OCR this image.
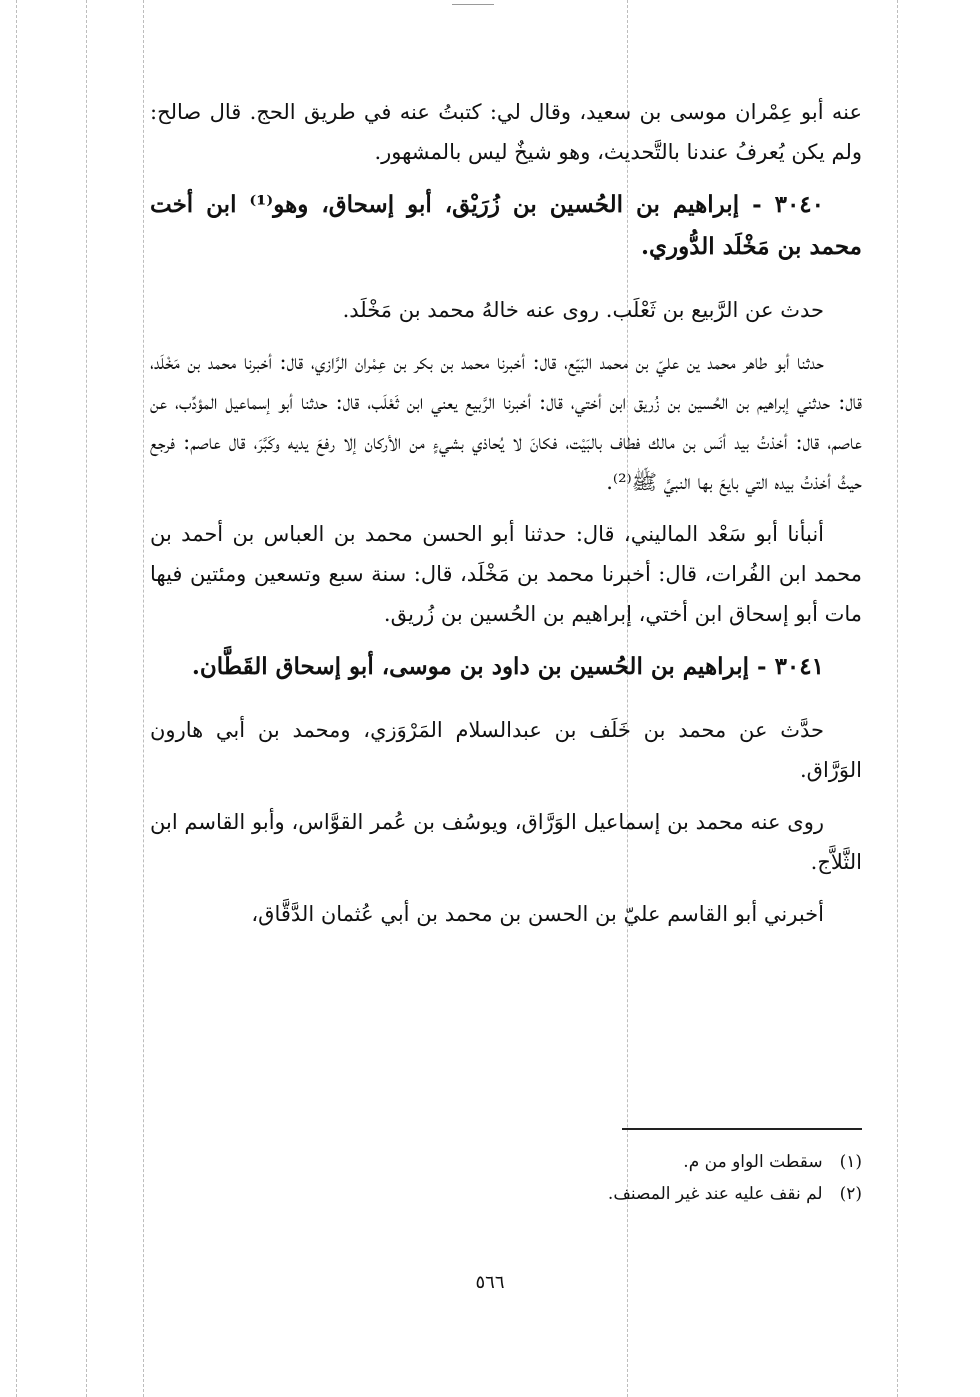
عنه أبو عِمْران موسى بن سعيد، وقال لي: كتبتُ عنه في طريق الحج. قال صالح: ولم يكن يُعرفُ عندنا بالتَّحديث، وهو شيخٌ ليس بالمشهور.

٣٠٤٠ - إبراهيم بن الحُسين بن زُرَيْق، أبو إسحاق، وهو⁽¹⁾ ابن أخت محمد بن مَخْلَد الدُّوري.

حدث عن الرَّبيع بن ثَعْلَب. روى عنه خالهُ محمد بن مَخْلَد.

حدثنا أبو طاهر محمد ين عليّ بن محمد البَيّع، قال: أخبرنا محمد بن بكر بن عِمْران الرَّازي، قال: أخبرنا محمد بن مَخْلَد، قال: حدثني إبراهيم بن الحُسين بن زُريق ابن أختي، قال: أخبرنا الرَّبيع يعني ابن ثَعْلَب، قال: حدثنا أبو إسماعيل المؤدِّب، عن عاصم، قال: أخذتُ بيد أنَس بن مالك فطاف بالبَيْت، فكانَ لا يُحاذي بشيءٍ من الأركان إلا رفعَ يديه وكَبَّرَ، قال عاصم: فرجع حيثُ أخذتُ بيده التي بايعَ بها النبيَّ ﷺ⁽²⁾.

أنبأنا أبو سَعْد الماليني، قال: حدثنا أبو الحسن محمد بن العباس بن أحمد بن محمد ابن الفُرات، قال: أخبرنا محمد بن مَخْلَد، قال: سنة سبع وتسعين ومئتين فيها مات أبو إسحاق ابن أختي، إبراهيم بن الحُسين بن زُريق.

٣٠٤١ - إبراهيم بن الحُسين بن داود بن موسى، أبو إسحاق القَطَّان.

حدَّث عن محمد بن خَلَف بن عبدالسلام المَرْوَزي، ومحمد بن أبي هارون الوَرَّاق.

روى عنه محمد بن إسماعيل الوَرَّاق، ويوسُف بن عُمر القوَّاس، وأبو القاسم ابن الثَّلاَّج.

أخبرني أبو القاسم عليّ بن الحسن بن محمد بن أبي عُثمان الدَّقَّاق،

(١) سقطت الواو من م.
(٢) لم نقف عليه عند غير المصنف.
٥٦٦
